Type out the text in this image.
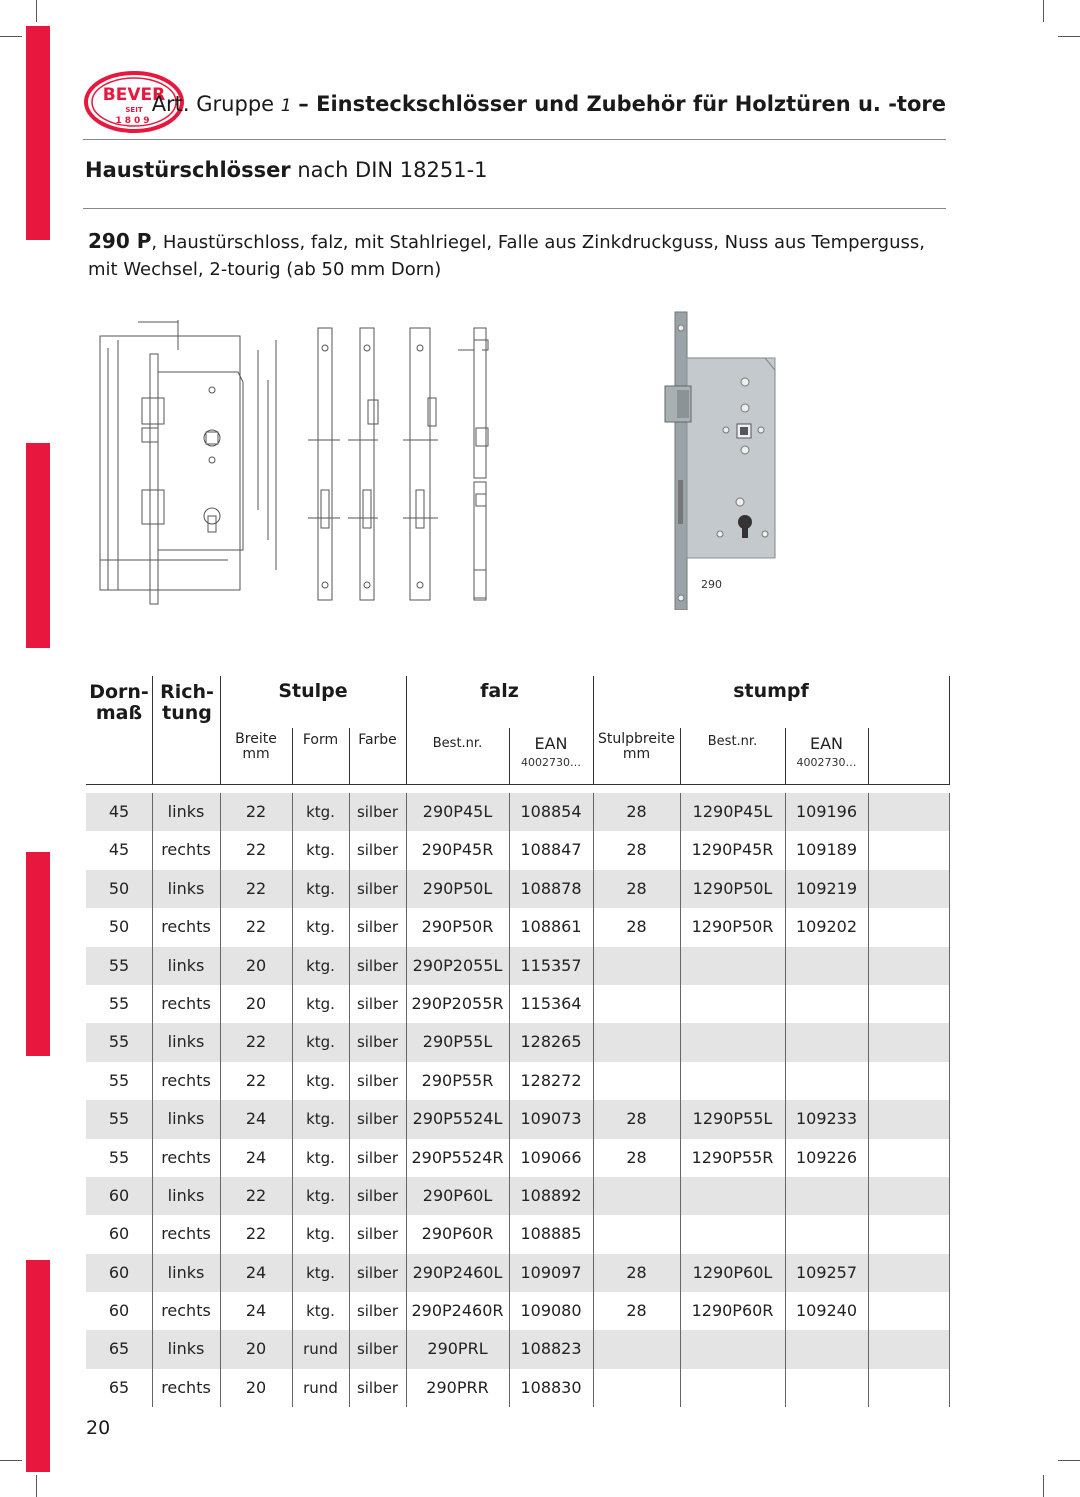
BEVER
SEIT
1809
Art. Gruppe 1 – Einsteckschlösser und Zubehör für Holztüren u. -tore
Haustürschlösser nach DIN 18251-1
290 P, Haustürschloss, falz, mit Stahlriegel, Falle aus Zinkdruckguss, Nuss aus Temperguss, mit Wechsel, 2-tourig (ab 50 mm Dorn)
290
Dorn-
maß
Rich-
tung
Stulpe	falz	stumpf
Breite
mm
Form	Farbe	Best.nr.	EAN
4002730…
Stulpbreite
mm
Best.nr.	EAN
4002730…
45	links	22	ktg.	silber	290P45L	108854	28	1290P45L	109196
45	rechts	22	ktg.	silber	290P45R	108847	28	1290P45R	109189
50	links	22	ktg.	silber	290P50L	108878	28	1290P50L	109219
50	rechts	22	ktg.	silber	290P50R	108861	28	1290P50R	109202
55	links	20	ktg.	silber 290P2055L	115357
55	rechts	20	ktg.	silber 290P2055R	115364
55	links	22	ktg.	silber	290P55L	128265
55	rechts	22	ktg.	silber	290P55R	128272
55	links	24	ktg.	silber 290P5524L	109073	28	1290P55L	109233
55	rechts	24	ktg.	silber 290P5524R	109066	28	1290P55R	109226
60	links	22	ktg.	silber	290P60L	108892
60	rechts	22	ktg.	silber	290P60R	108885
60	links	24	ktg.	silber 290P2460L	109097	28	1290P60L	109257
60	rechts	24	ktg.	silber 290P2460R	109080	28	1290P60R	109240
65	links	20	rund	silber	290PRL	108823
65	rechts	20	rund	silber	290PRR	108830
20
